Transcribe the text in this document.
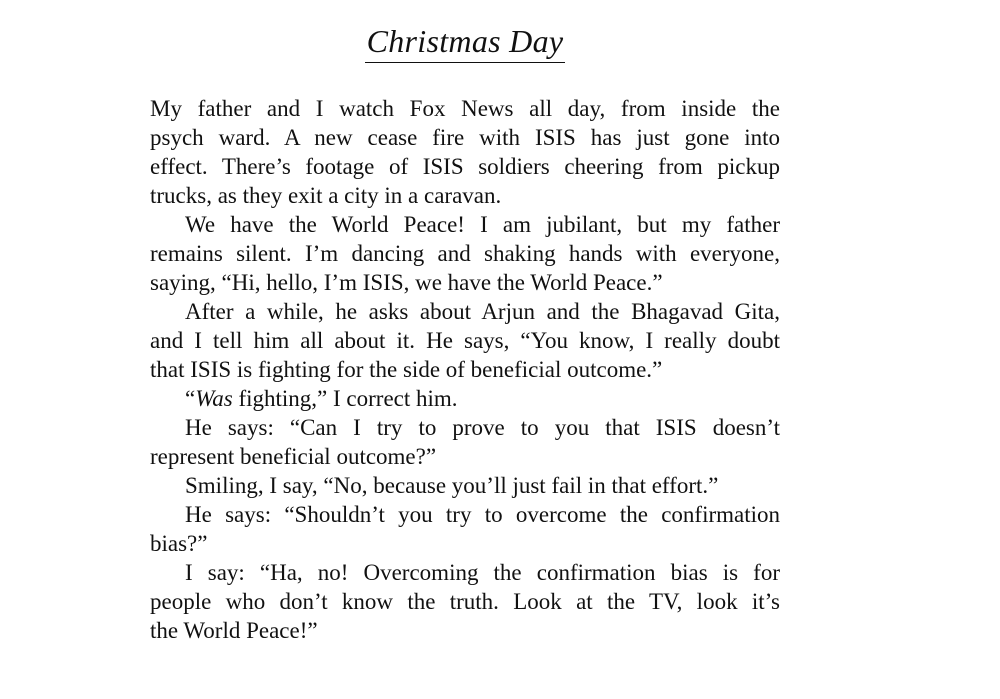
Christmas Day
My father and I watch Fox News all day, from inside the
psych ward. A new cease fire with ISIS has just gone into
effect. There’s footage of ISIS soldiers cheering from pickup
trucks, as they exit a city in a caravan.
We have the World Peace! I am jubilant, but my father
remains silent. I’m dancing and shaking hands with everyone,
saying, “Hi, hello, I’m ISIS, we have the World Peace.”
After a while, he asks about Arjun and the Bhagavad Gita,
and I tell him all about it. He says, “You know, I really doubt
that ISIS is fighting for the side of beneficial outcome.”
“Was fighting,” I correct him.
He says: “Can I try to prove to you that ISIS doesn’t
represent beneficial outcome?”
Smiling, I say, “No, because you’ll just fail in that effort.”
He says: “Shouldn’t you try to overcome the confirmation
bias?”
I say: “Ha, no! Overcoming the confirmation bias is for
people who don’t know the truth. Look at the TV, look it’s
the World Peace!”
